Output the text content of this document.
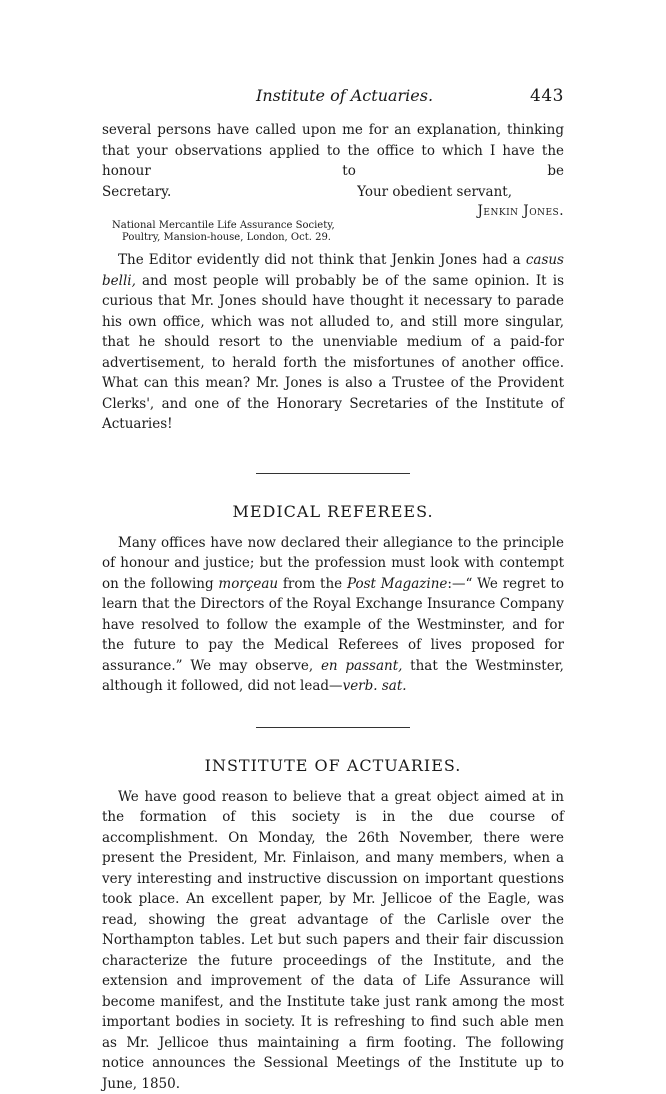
Institute of Actuaries.	443

several persons have called upon me for an explanation, thinking that your observations applied to the office to which I have the honour to be

Secretary.	Your obedient servant,
Jenkin Jones.
National Mercantile Life Assurance Society,
Poultry, Mansion-house, London, Oct. 29.

The Editor evidently did not think that Jenkin Jones had a casus belli, and most people will probably be of the same opinion. It is curious that Mr. Jones should have thought it necessary to parade his own office, which was not alluded to, and still more singular, that he should resort to the unenviable medium of a paid-for advertisement, to herald forth the misfortunes of another office. What can this mean? Mr. Jones is also a Trustee of the Provident Clerks', and one of the Honorary Secretaries of the Institute of Actuaries!

MEDICAL REFEREES.

Many offices have now declared their allegiance to the principle of honour and justice; but the profession must look with contempt on the following morçeau from the Post Magazine:—“ We regret to learn that the Directors of the Royal Exchange Insurance Company have resolved to follow the example of the Westminster, and for the future to pay the Medical Referees of lives proposed for assurance.” We may observe, en passant, that the Westminster, although it followed, did not lead—verb. sat.

INSTITUTE OF ACTUARIES.

We have good reason to believe that a great object aimed at in the formation of this society is in the due course of accomplishment. On Monday, the 26th November, there were present the President, Mr. Finlaison, and many members, when a very interesting and instructive discussion on important questions took place. An excellent paper, by Mr. Jellicoe of the Eagle, was read, showing the great advantage of the Carlisle over the Northampton tables. Let but such papers and their fair discussion characterize the future proceedings of the Institute, and the extension and improvement of the data of Life Assurance will become manifest, and the Institute take just rank among the most important bodies in society. It is refreshing to find such able men as Mr. Jellicoe thus maintaining a firm footing. The following notice announces the Sessional Meetings of the Institute up to June, 1850.
